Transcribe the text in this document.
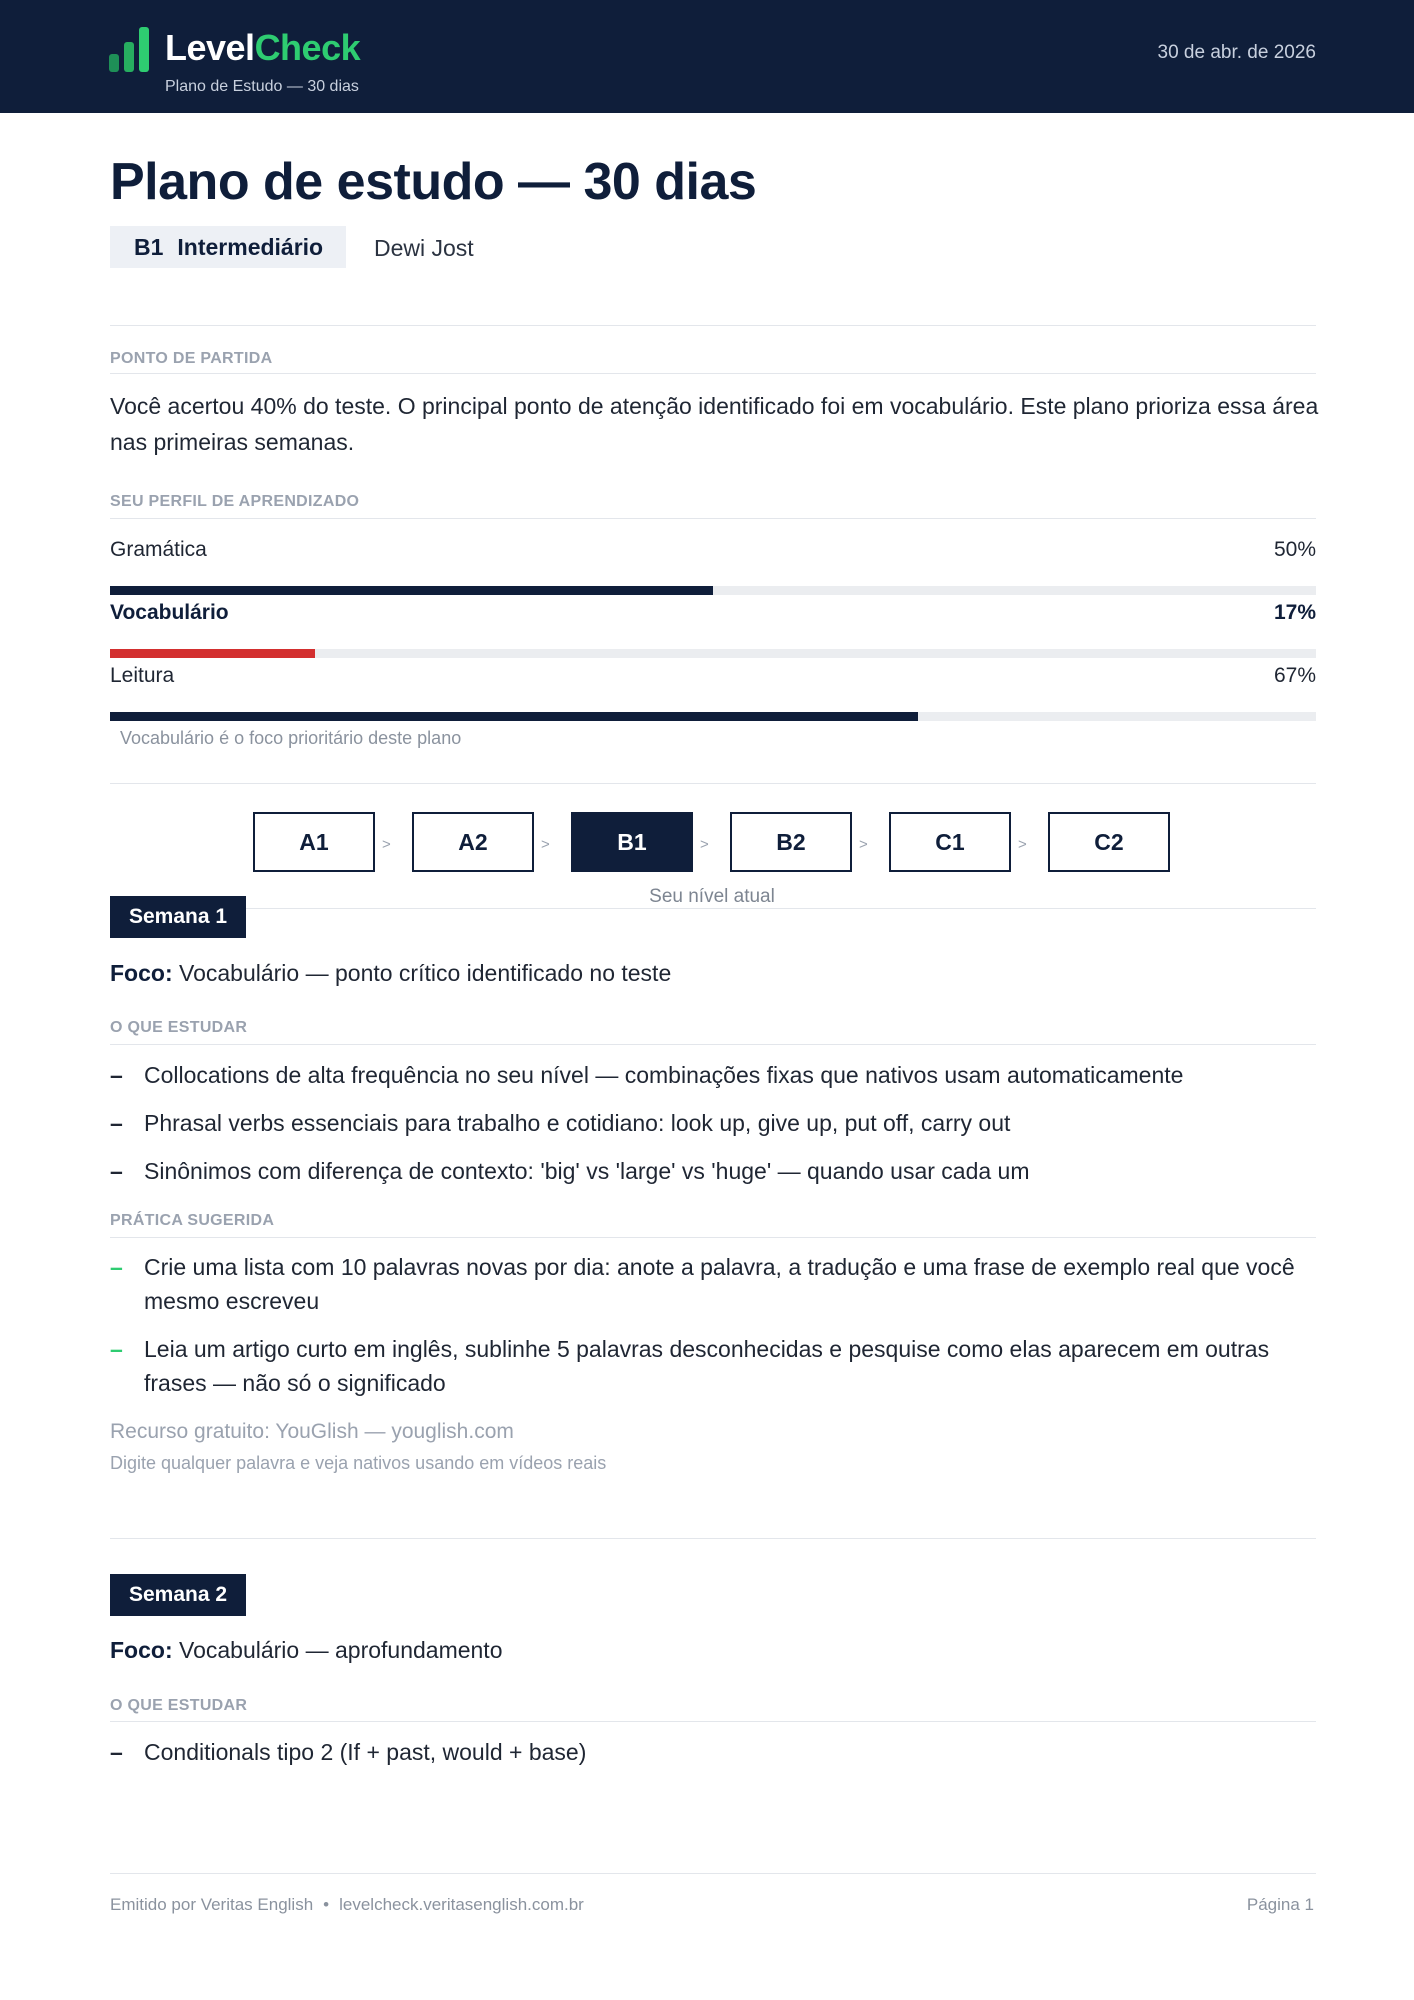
LevelCheck
Plano de Estudo — 30 dias
30 de abr. de 2026
Plano de estudo — 30 dias
B1 Intermediário Dewi Jost
PONTO DE PARTIDA
Você acertou 40% do teste. O principal ponto de atenção identificado foi em vocabulário. Este plano prioriza essa área nas primeiras semanas.
SEU PERFIL DE APRENDIZADO
Gramática	50%
Vocabulário	17%
Leitura	67%
Vocabulário é o foco prioritário deste plano
A1	>	A2	>	B1	>	B2	>	C1	>	C2
Seu nível atual
Semana 1
Foco: Vocabulário — ponto crítico identificado no teste
O QUE ESTUDAR
– Collocations de alta frequência no seu nível — combinações fixas que nativos usam automaticamente
– Phrasal verbs essenciais para trabalho e cotidiano: look up, give up, put off, carry out
– Sinônimos com diferença de contexto: 'big' vs 'large' vs 'huge' — quando usar cada um
PRÁTICA SUGERIDA
– Crie uma lista com 10 palavras novas por dia: anote a palavra, a tradução e uma frase de exemplo real que você mesmo escreveu
– Leia um artigo curto em inglês, sublinhe 5 palavras desconhecidas e pesquise como elas aparecem em outras frases — não só o significado
Recurso gratuito: YouGlish — youglish.com
Digite qualquer palavra e veja nativos usando em vídeos reais
Semana 2
Foco: Vocabulário — aprofundamento
O QUE ESTUDAR
– Conditionals tipo 2 (If + past, would + base)
Emitido por Veritas English • levelcheck.veritasenglish.com.br	Página 1
